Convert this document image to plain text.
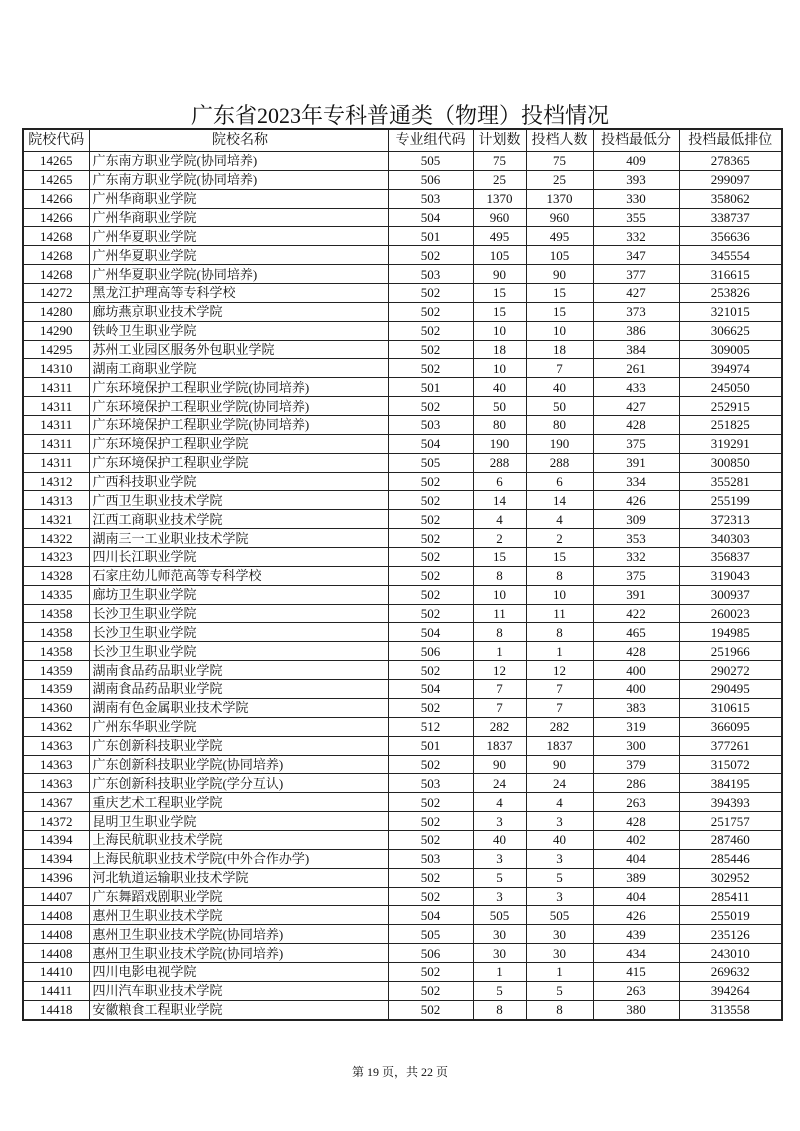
广东省2023年专科普通类（物理）投档情况
院校代码	院校名称	专业组代码	计划数	投档人数	投档最低分	投档最低排位
14265	广东南方职业学院(协同培养)	505	75	75	409	278365
14265	广东南方职业学院(协同培养)	506	25	25	393	299097
14266	广州华商职业学院	503	1370	1370	330	358062
14266	广州华商职业学院	504	960	960	355	338737
14268	广州华夏职业学院	501	495	495	332	356636
14268	广州华夏职业学院	502	105	105	347	345554
14268	广州华夏职业学院(协同培养)	503	90	90	377	316615
14272	黑龙江护理高等专科学校	502	15	15	427	253826
14280	廊坊燕京职业技术学院	502	15	15	373	321015
14290	铁岭卫生职业学院	502	10	10	386	306625
14295	苏州工业园区服务外包职业学院	502	18	18	384	309005
14310	湖南工商职业学院	502	10	7	261	394974
14311	广东环境保护工程职业学院(协同培养)	501	40	40	433	245050
14311	广东环境保护工程职业学院(协同培养)	502	50	50	427	252915
14311	广东环境保护工程职业学院(协同培养)	503	80	80	428	251825
14311	广东环境保护工程职业学院	504	190	190	375	319291
14311	广东环境保护工程职业学院	505	288	288	391	300850
14312	广西科技职业学院	502	6	6	334	355281
14313	广西卫生职业技术学院	502	14	14	426	255199
14321	江西工商职业技术学院	502	4	4	309	372313
14322	湖南三一工业职业技术学院	502	2	2	353	340303
14323	四川长江职业学院	502	15	15	332	356837
14328	石家庄幼儿师范高等专科学校	502	8	8	375	319043
14335	廊坊卫生职业学院	502	10	10	391	300937
14358	长沙卫生职业学院	502	11	11	422	260023
14358	长沙卫生职业学院	504	8	8	465	194985
14358	长沙卫生职业学院	506	1	1	428	251966
14359	湖南食品药品职业学院	502	12	12	400	290272
14359	湖南食品药品职业学院	504	7	7	400	290495
14360	湖南有色金属职业技术学院	502	7	7	383	310615
14362	广州东华职业学院	512	282	282	319	366095
14363	广东创新科技职业学院	501	1837	1837	300	377261
14363	广东创新科技职业学院(协同培养)	502	90	90	379	315072
14363	广东创新科技职业学院(学分互认)	503	24	24	286	384195
14367	重庆艺术工程职业学院	502	4	4	263	394393
14372	昆明卫生职业学院	502	3	3	428	251757
14394	上海民航职业技术学院	502	40	40	402	287460
14394	上海民航职业技术学院(中外合作办学)	503	3	3	404	285446
14396	河北轨道运输职业技术学院	502	5	5	389	302952
14407	广东舞蹈戏剧职业学院	502	3	3	404	285411
14408	惠州卫生职业技术学院	504	505	505	426	255019
14408	惠州卫生职业技术学院(协同培养)	505	30	30	439	235126
14408	惠州卫生职业技术学院(协同培养)	506	30	30	434	243010
14410	四川电影电视学院	502	1	1	415	269632
14411	四川汽车职业技术学院	502	5	5	263	394264
14418	安徽粮食工程职业学院	502	8	8	380	313558
第 19 页，共 22 页
